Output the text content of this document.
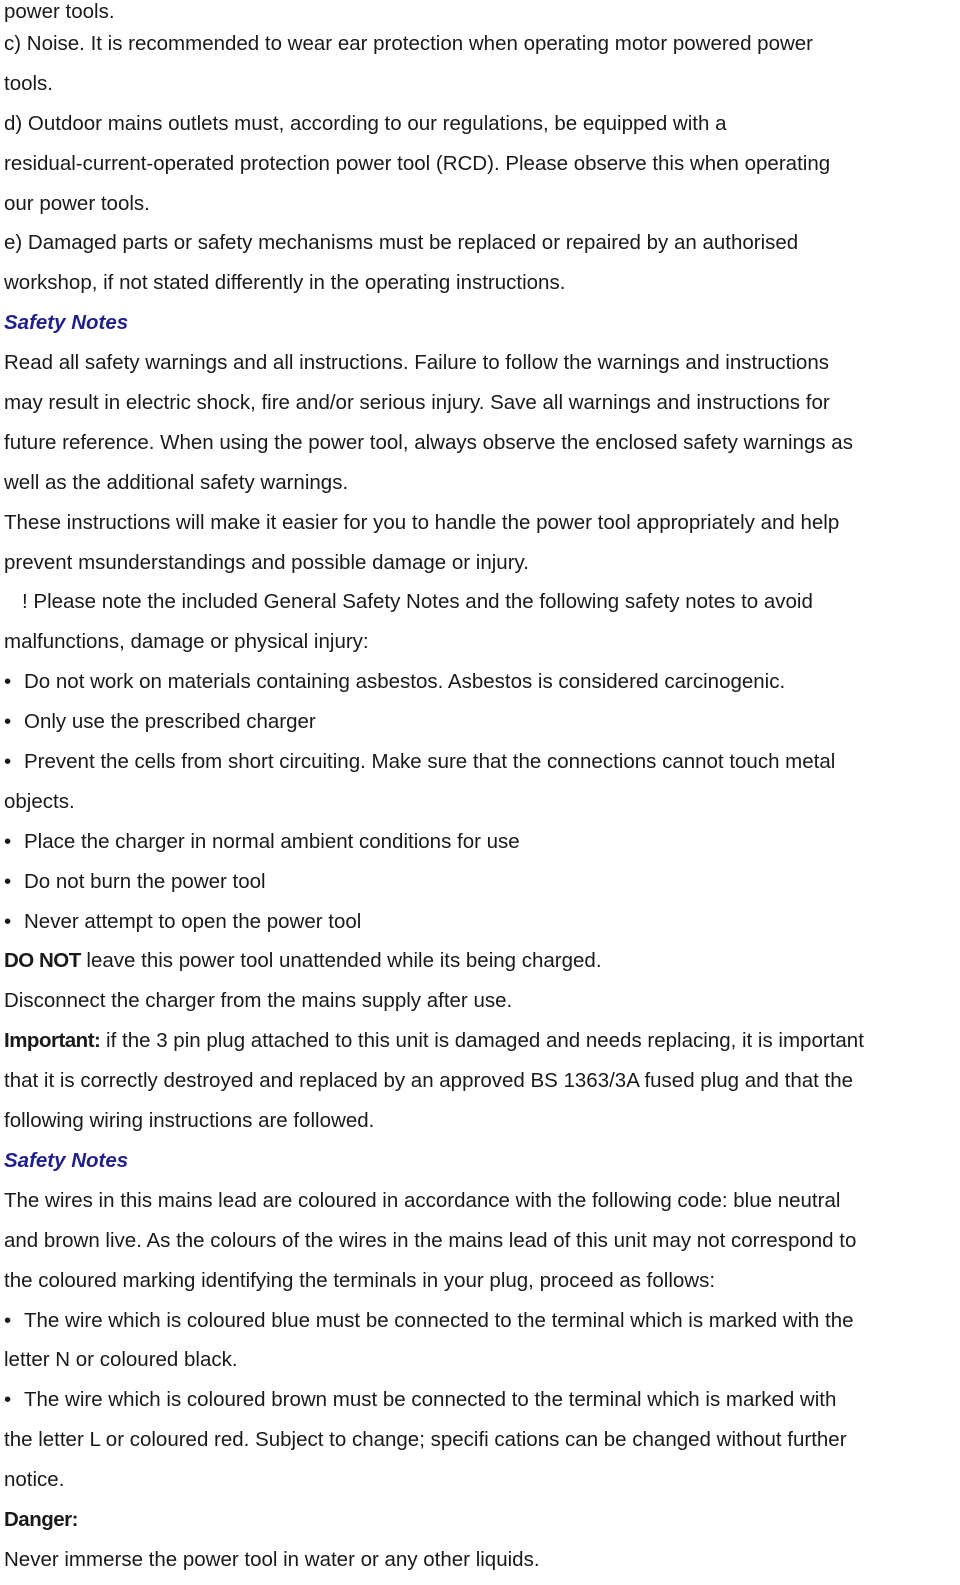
power tools.
c) Noise. It is recommended to wear ear protection when operating motor powered power
tools.
d) Outdoor mains outlets must, according to our regulations, be equipped with a
residual-current-operated protection power tool (RCD). Please observe this when operating
our power tools.
e) Damaged parts or safety mechanisms must be replaced or repaired by an authorised
workshop, if not stated differently in the operating instructions.
Safety Notes
Read all safety warnings and all instructions. Failure to follow the warnings and instructions
may result in electric shock, fire and/or serious injury. Save all warnings and instructions for
future reference. When using the power tool, always observe the enclosed safety warnings as
well as the additional safety warnings.
These instructions will make it easier for you to handle the power tool appropriately and help
prevent msunderstandings and possible damage or injury.
! Please note the included General Safety Notes and the following safety notes to avoid
malfunctions, damage or physical injury:
• Do not work on materials containing asbestos. Asbestos is considered carcinogenic.
• Only use the prescribed charger
• Prevent the cells from short circuiting. Make sure that the connections cannot touch metal
objects.
• Place the charger in normal ambient conditions for use
• Do not burn the power tool
• Never attempt to open the power tool
DO NOT leave this power tool unattended while its being charged.
Disconnect the charger from the mains supply after use.
Important: if the 3 pin plug attached to this unit is damaged and needs replacing, it is important
that it is correctly destroyed and replaced by an approved BS 1363/3A fused plug and that the
following wiring instructions are followed.
Safety Notes
The wires in this mains lead are coloured in accordance with the following code: blue neutral
and brown live. As the colours of the wires in the mains lead of this unit may not correspond to
the coloured marking identifying the terminals in your plug, proceed as follows:
• The wire which is coloured blue must be connected to the terminal which is marked with the
letter N or coloured black.
• The wire which is coloured brown must be connected to the terminal which is marked with
the letter L or coloured red. Subject to change; specifi cations can be changed without further
notice.
Danger:
Never immerse the power tool in water or any other liquids.
